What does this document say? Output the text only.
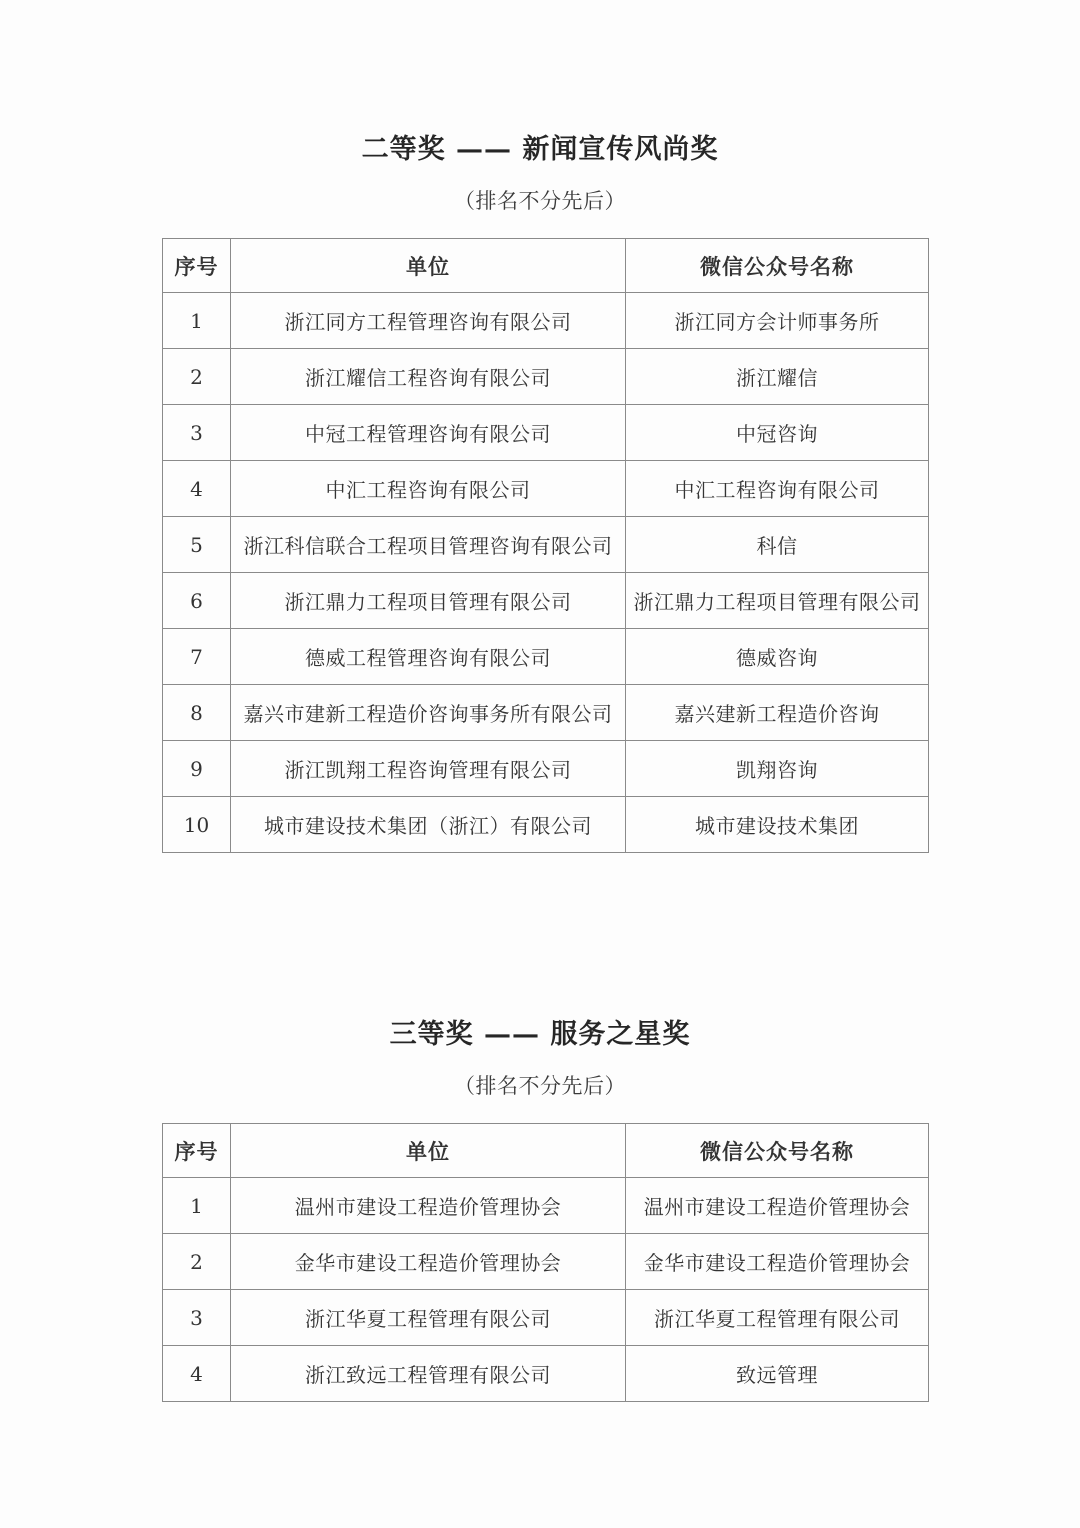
二等奖 —— 新闻宣传风尚奖

（排名不分先后）

序号	单位	微信公众号名称
1	浙江同方工程管理咨询有限公司	浙江同方会计师事务所
2	浙江耀信工程咨询有限公司	浙江耀信
3	中冠工程管理咨询有限公司	中冠咨询
4	中汇工程咨询有限公司	中汇工程咨询有限公司
5	浙江科信联合工程项目管理咨询有限公司	科信
6	浙江鼎力工程项目管理有限公司	浙江鼎力工程项目管理有限公司
7	德威工程管理咨询有限公司	德威咨询
8	嘉兴市建新工程造价咨询事务所有限公司	嘉兴建新工程造价咨询
9	浙江凯翔工程咨询管理有限公司	凯翔咨询
10	城市建设技术集团（浙江）有限公司	城市建设技术集团
三等奖 —— 服务之星奖

（排名不分先后）

序号	单位	微信公众号名称
1	温州市建设工程造价管理协会	温州市建设工程造价管理协会
2	金华市建设工程造价管理协会	金华市建设工程造价管理协会
3	浙江华夏工程管理有限公司	浙江华夏工程管理有限公司
4	浙江致远工程管理有限公司	致远管理
